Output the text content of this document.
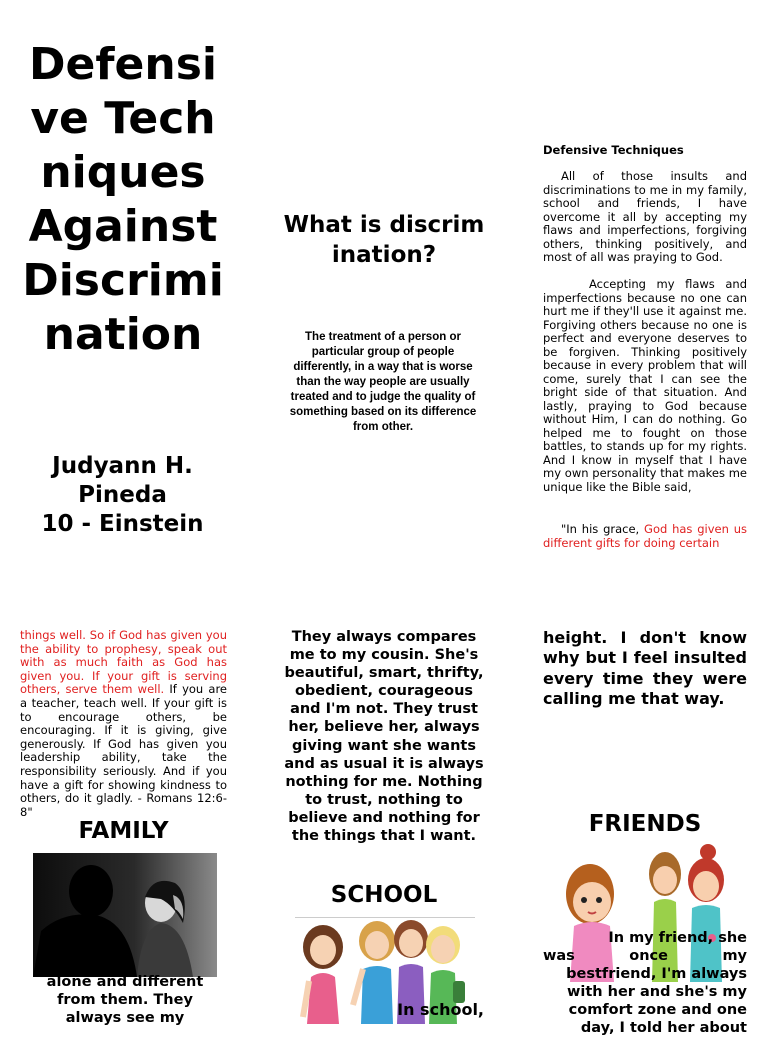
Defensive Techniques Against Discrimination
Judyann H. Pineda
10 - Einstein
What is discrimination?
The treatment of a person or particular group of people differently, in a way that is worse than the way people are usually treated and to judge the quality of something based on its difference from other.
Defensive Techniques

All of those insults and discriminations to me in my family, school and friends, I have overcome it all by accepting my flaws and imperfections, forgiving others, thinking positively, and most of all was praying to God.

Accepting my flaws and imperfections because no one can hurt me if they'll use it against me. Forgiving others because no one is perfect and everyone deserves to be forgiven. Thinking positively because in every problem that will come, surely that I can see the bright side of that situation. And lastly, praying to God because without Him, I can do nothing. Go helped me to fought on those battles, to stands up for my rights. And I know in myself that I have my own personality that makes me unique like the Bible said,

"In his grace, God has given us different gifts for doing certain

things well. So if God has given you the ability to prophesy, speak out with as much faith as God has given you. If your gift is serving others, serve them well. If you are a teacher, teach well. If your gift is to encourage others, be encouraging. If it is giving, give generously. If God has given you leadership ability, take the responsibility seriously. And if you have a gift for showing kindness to others, do it gladly. - Romans 12:6-8"

FAMILY
alone and different from them. They always see my
They always compares me to my cousin. She's beautiful, smart, thrifty, obedient, courageous and I'm not. They trust her, believe her, always giving want she wants and as usual it is always nothing for me. Nothing to trust, nothing to believe and nothing for the things that I want.
SCHOOL
In school,
height. I don't know why but I feel insulted every time they were calling me that way.
FRIENDS
In my friend, she
was	once	my
bestfriend, I'm always
with her and she's my
comfort zone and one
day, I told her about
